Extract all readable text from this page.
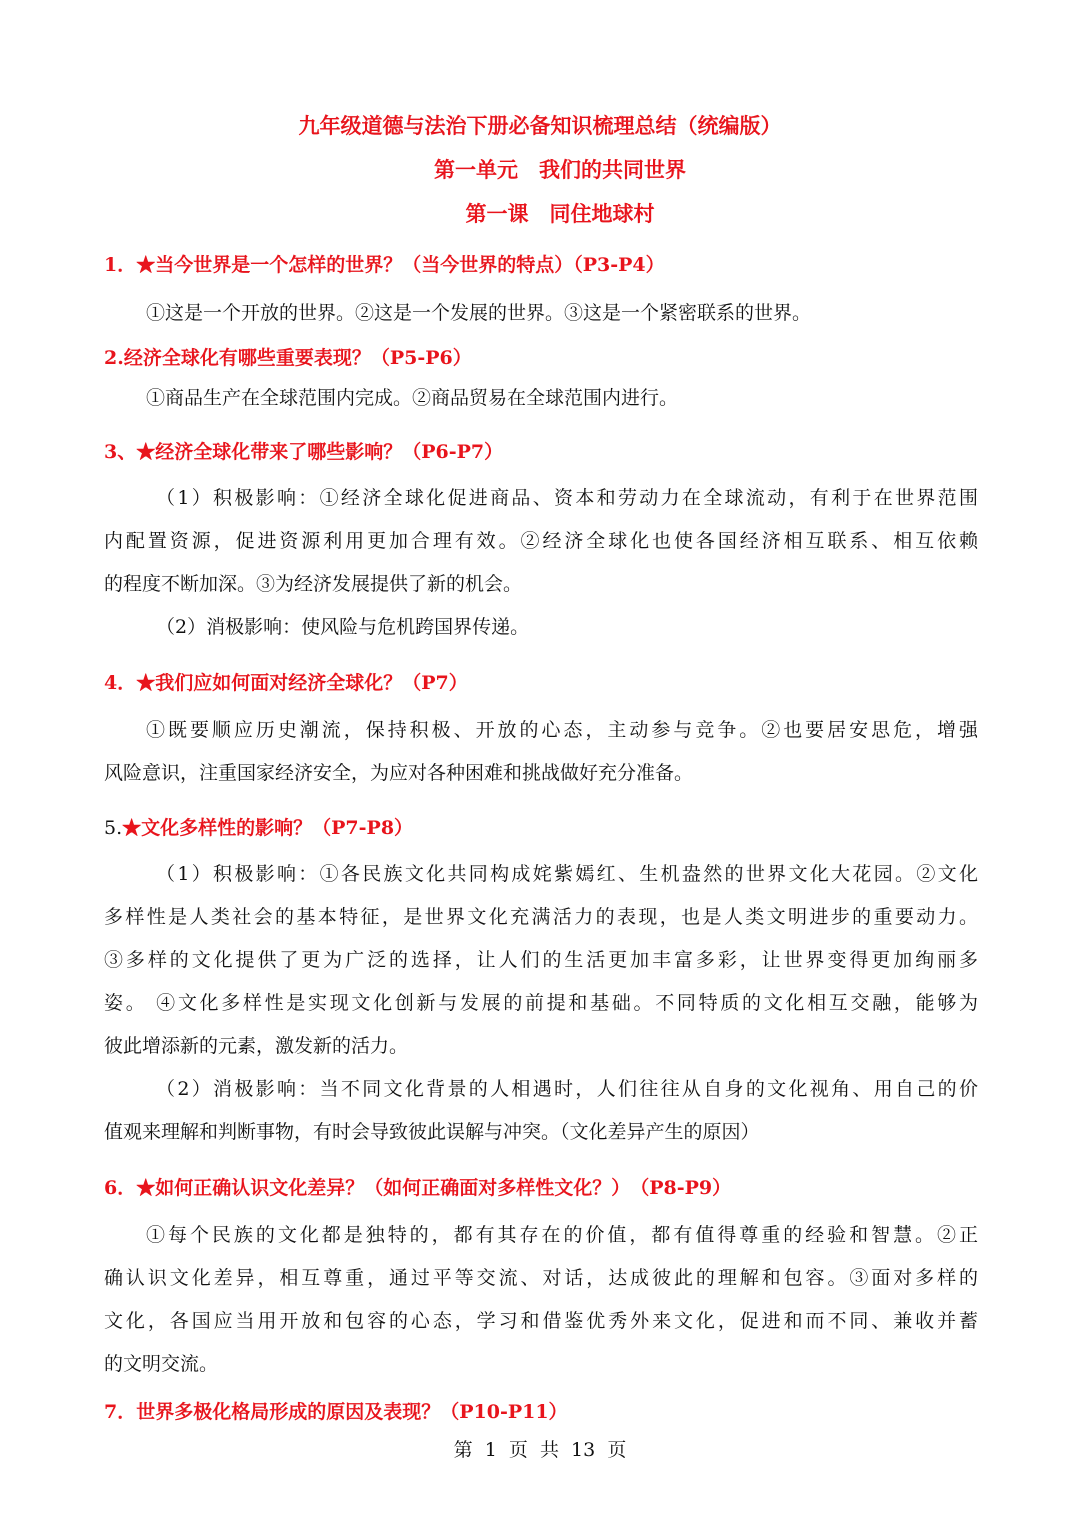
九年级道德与法治下册必备知识梳理总结（统编版）
第一单元　我们的共同世界
第一课　同住地球村
1．★当今世界是一个怎样的世界？（当今世界的特点）（P3-P4）
①这是一个开放的世界。②这是一个发展的世界。③这是一个紧密联系的世界。
2.经济全球化有哪些重要表现？（P5-P6）
①商品生产在全球范围内完成。②商品贸易在全球范围内进行。
3、★经济全球化带来了哪些影响？（P6-P7）
（1）积极影响：①经济全球化促进商品、资本和劳动力在全球流动，有利于在世界范围
内配置资源，促进资源利用更加合理有效。②经济全球化也使各国经济相互联系、相互依赖
的程度不断加深。③为经济发展提供了新的机会。
（2）消极影响：使风险与危机跨国界传递。
4．★我们应如何面对经济全球化？（P7）
①既要顺应历史潮流，保持积极、开放的心态，主动参与竞争。②也要居安思危，增强
风险意识，注重国家经济安全，为应对各种困难和挑战做好充分准备。
5.★文化多样性的影响？（P7-P8）
（1）积极影响：①各民族文化共同构成姹紫嫣红、生机盎然的世界文化大花园。②文化
多样性是人类社会的基本特征，是世界文化充满活力的表现，也是人类文明进步的重要动力。
③多样的文化提供了更为广泛的选择，让人们的生活更加丰富多彩，让世界变得更加绚丽多
姿。 ④文化多样性是实现文化创新与发展的前提和基础。不同特质的文化相互交融，能够为
彼此增添新的元素，激发新的活力。
（2）消极影响：当不同文化背景的人相遇时，人们往往从自身的文化视角、用自己的价
值观来理解和判断事物，有时会导致彼此误解与冲突。（文化差异产生的原因）
6．★如何正确认识文化差异？（如何正确面对多样性文化？）　（P8-P9）
①每个民族的文化都是独特的，都有其存在的价值，都有值得尊重的经验和智慧。②正
确认识文化差异，相互尊重，通过平等交流、对话，达成彼此的理解和包容。③面对多样的
文化，各国应当用开放和包容的心态，学习和借鉴优秀外来文化，促进和而不同、兼收并蓄
的文明交流。
7．世界多极化格局形成的原因及表现？（P10-P11）
第  1  页  共  13  页
